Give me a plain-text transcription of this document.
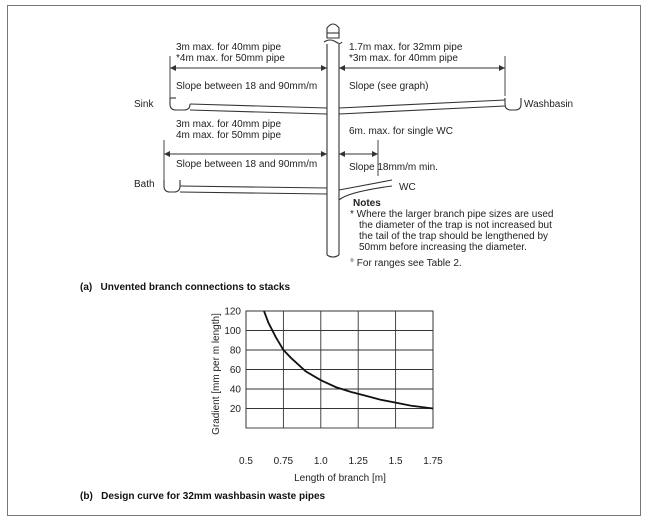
3m max. for 40mm pipe
*4m max. for 50mm pipe
Slope between 18 and 90mm/m
1.7m max. for 32mm pipe
*3m max. for 40mm pipe
Slope (see graph)
Sink	Washbasin
3m max. for 40mm pipe
4m max. for 50mm pipe
Slope between 18 and 90mm/m
6m. max. for single WC
Slope 18mm/m min.
Bath	WC
Notes
* Where the larger branch pipe sizes are used
the diameter of the trap is not increased but
the tail of the trap should be lengthened by
50mm before increasing the diameter.
° For ranges see Table 2.
(a)   Unvented branch connections to stacks
20
40
60
80
100
120
0.5 0.75 1.0 1.25 1.5 1.75
Gradient [mm per m length]
Length of branch [m]
(b)   Design curve for 32mm washbasin waste pipes
